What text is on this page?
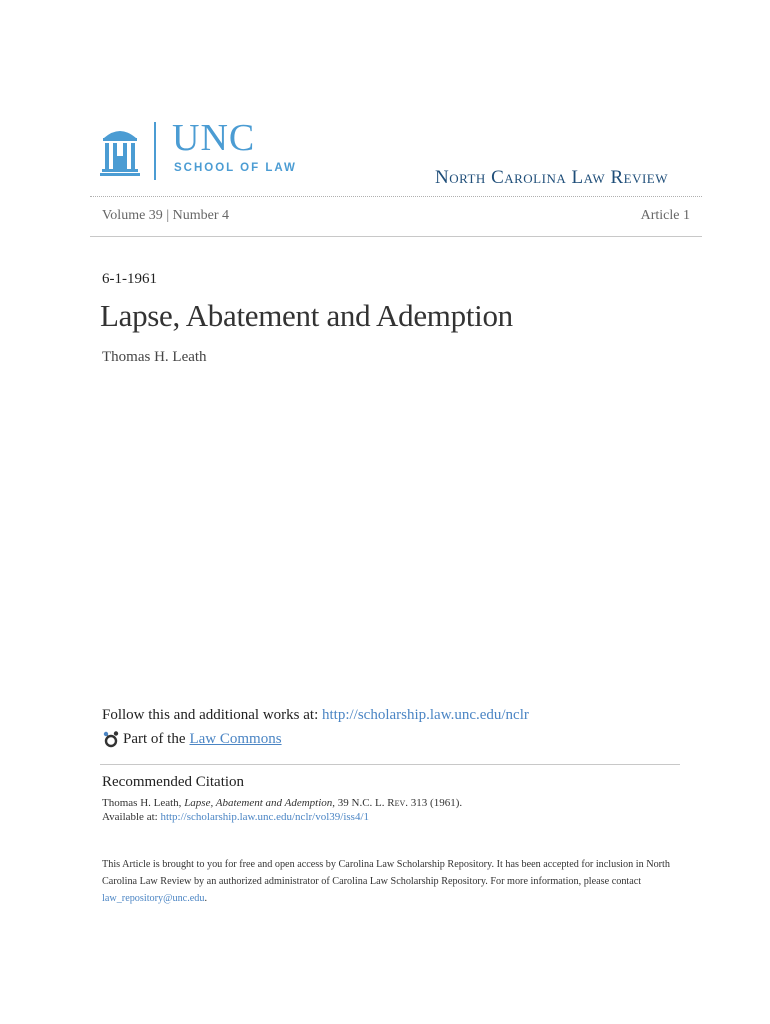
UNC
SCHOOL OF LAW	North Carolina Law Review
Volume 39 | Number 4	Article 1
6-1-1961
Lapse, Abatement and Ademption
Thomas H. Leath
Follow this and additional works at: http://scholarship.law.unc.edu/nclr
Part of the Law Commons
Recommended Citation
Thomas H. Leath, Lapse, Abatement and Ademption, 39 N.C. L. Rev. 313 (1961).
Available at: http://scholarship.law.unc.edu/nclr/vol39/iss4/1
This Article is brought to you for free and open access by Carolina Law Scholarship Repository. It has been accepted for inclusion in North Carolina Law Review by an authorized administrator of Carolina Law Scholarship Repository. For more information, please contact law_repository@unc.edu.
